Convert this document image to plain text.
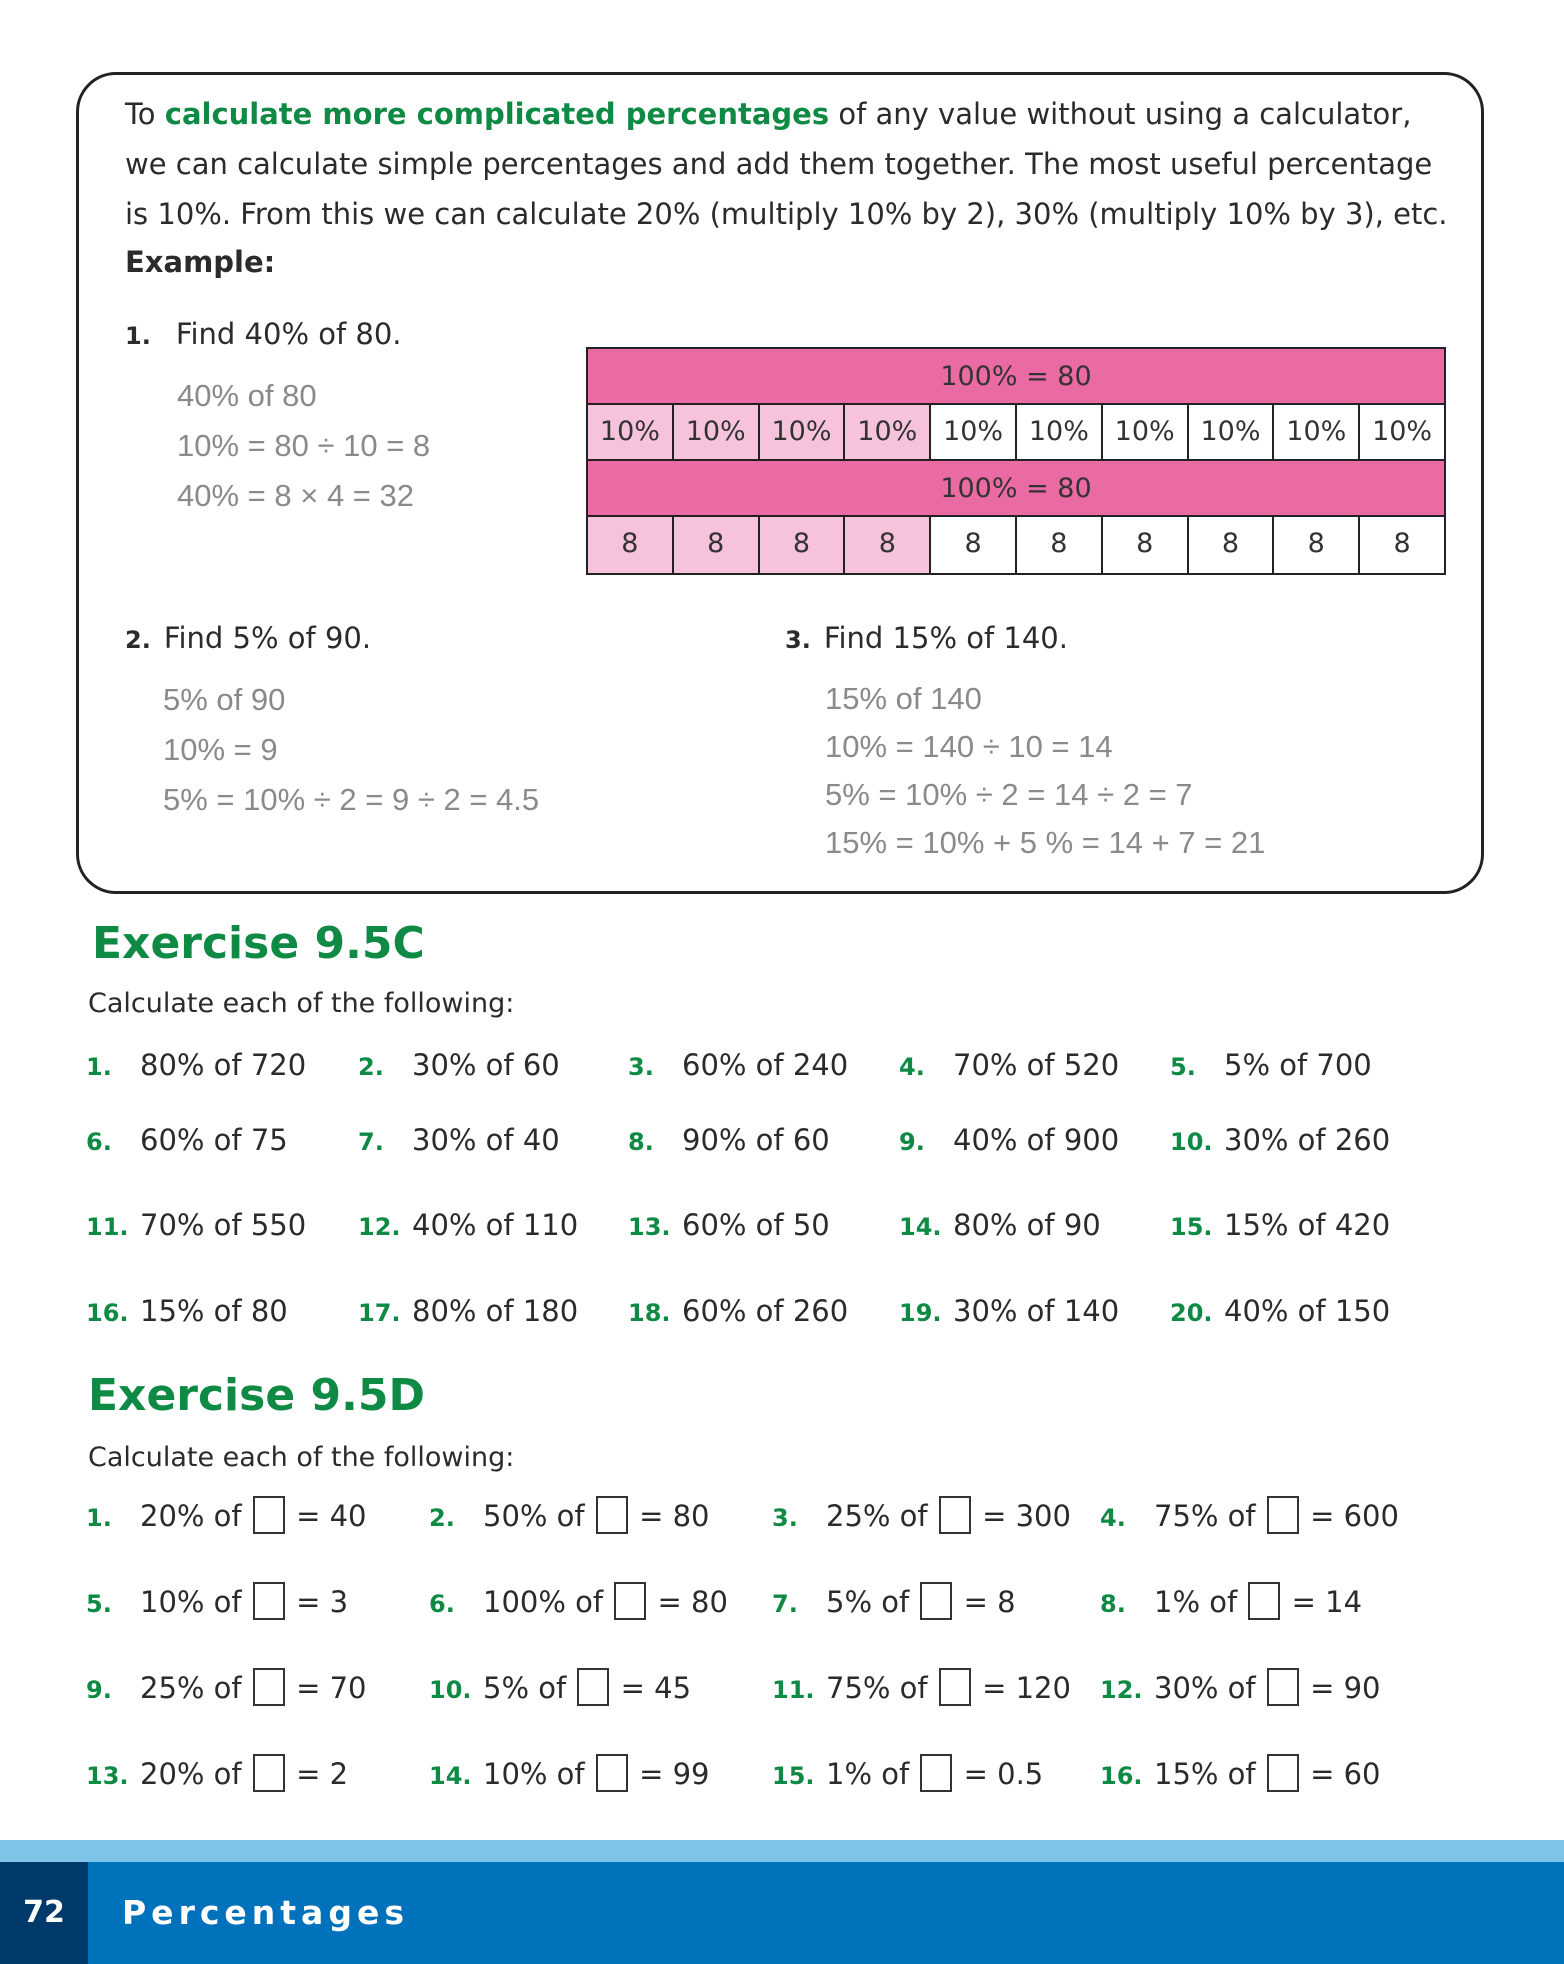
To calculate more complicated percentages of any value without using a calculator, we can calculate simple percentages and add them together. The most useful percentage is 10%. From this we can calculate 20% (multiply 10% by 2), 30% (multiply 10% by 3), etc.

Example:
1. Find 40% of 80.
40% of 80
10% = 80 ÷ 10 = 8
40% = 8 × 4 = 32
100% = 80
10% 10% 10% 10% 10% 10% 10% 10% 10% 10%
100% = 80
8	8	8	8	8	8	8	8	8	8
2. Find 5% of 90.
5% of 90
10% = 9
5% = 10% ÷ 2 = 9 ÷ 2 = 4.5
3. Find 15% of 140.
15% of 140
10% = 140 ÷ 10 = 14
5% = 10% ÷ 2 = 14 ÷ 2 = 7
15% = 10% + 5 % = 14 + 7 = 21
Exercise 9.5C
Calculate each of the following:
1. 80% of 720 2. 30% of 60	3. 60% of 240 4. 70% of 520 5. 5% of 700
6. 60% of 75	7. 30% of 40	8. 90% of 60	9. 40% of 900 10. 30% of 260
11. 70% of 550 12. 40% of 110 13. 60% of 50	14. 80% of 90	15. 15% of 420
16. 15% of 80	17. 80% of 180 18. 60% of 260 19. 30% of 140 20. 40% of 150
Exercise 9.5D
Calculate each of the following:
1. 20% of  = 40	2. 50% of  = 80	3. 25% of  = 300 4. 75% of  = 600
5. 10% of  = 3	6. 100% of  = 80 7. 5% of  = 8	8. 1% of  = 14
9. 25% of  = 70	10. 5% of  = 45	11. 75% of  = 120 12. 30% of  = 90
13. 20% of  = 2	14. 10% of  = 99	15. 1% of  = 0.5 16. 15% of  = 60
72	Percentages
